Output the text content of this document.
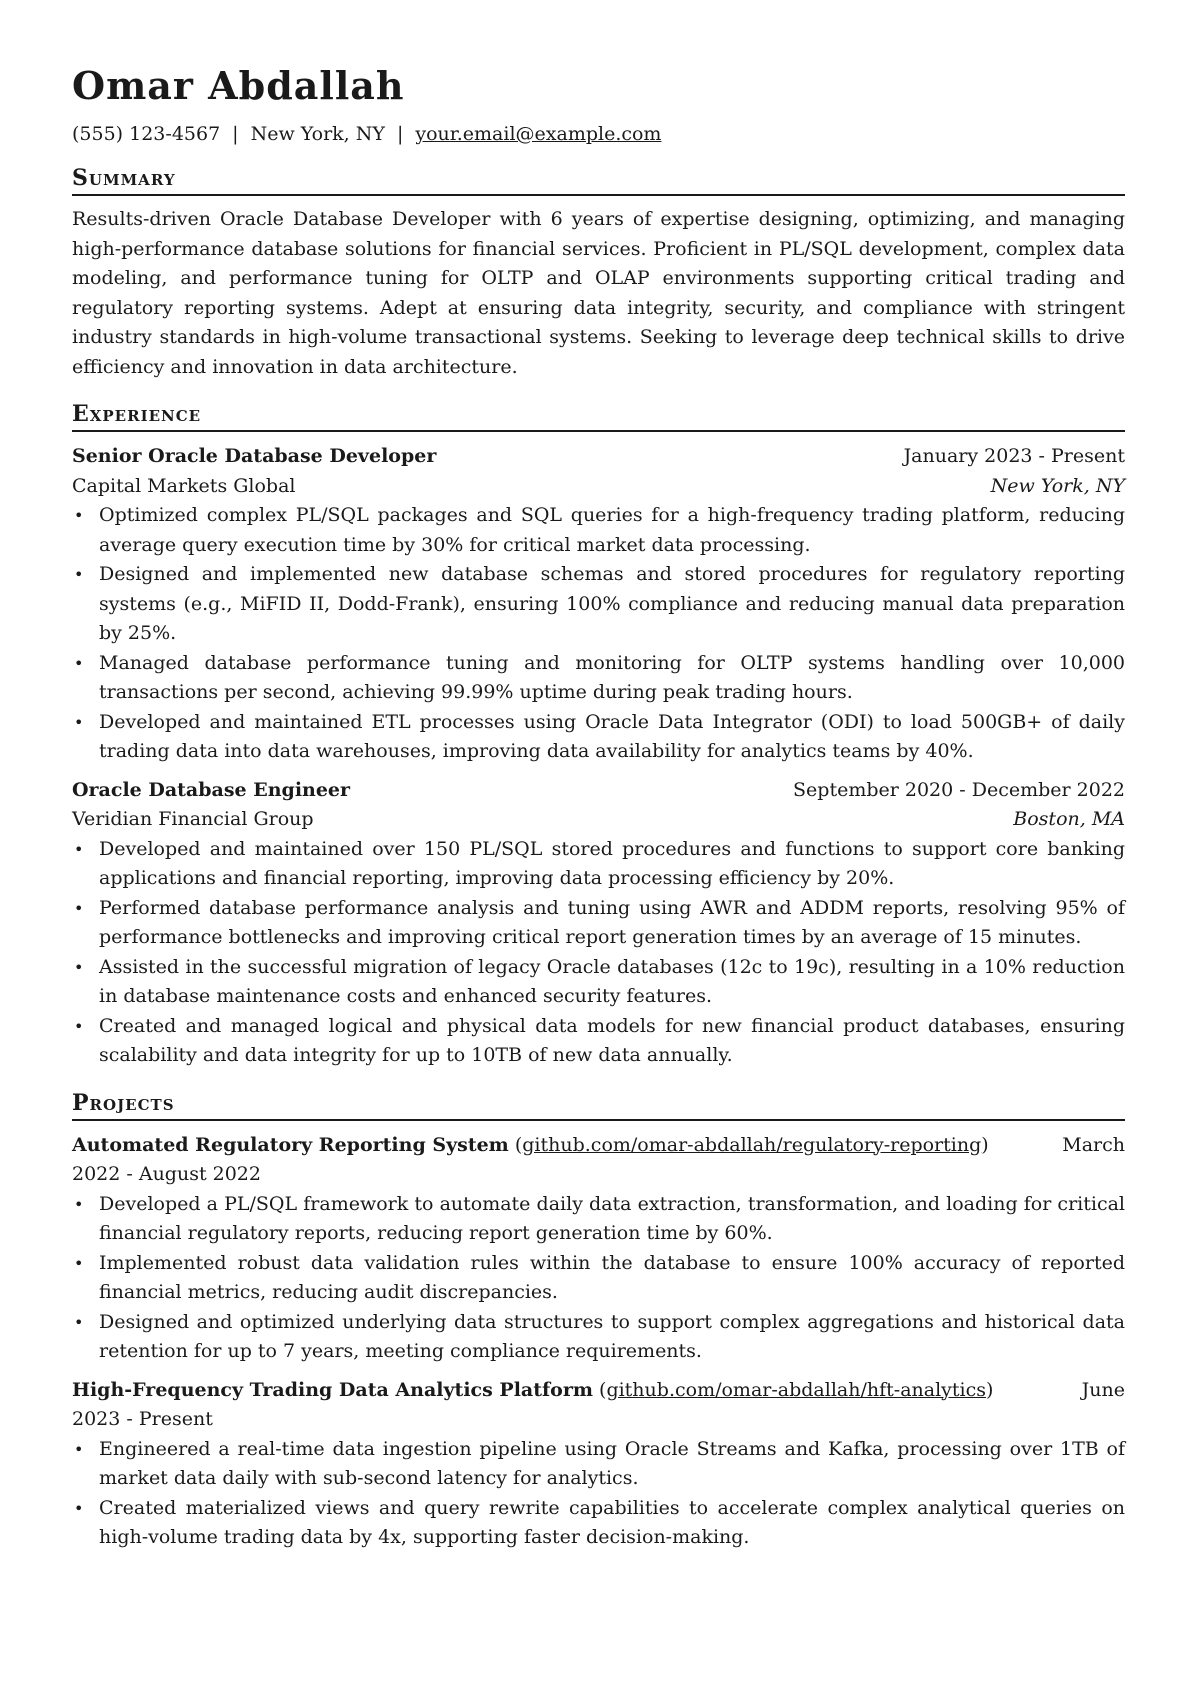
Omar Abdallah
(555) 123-4567 | New York, NY | your.email@example.com
Summary
Results-driven Oracle Database Developer with 6 years of expertise designing, optimizing, and managing high-performance database solutions for financial services. Proficient in PL/SQL development, complex data modeling, and performance tuning for OLTP and OLAP environments supporting critical trading and regulatory reporting systems. Adept at ensuring data integrity, security, and compliance with stringent industry standards in high-volume transactional systems. Seeking to leverage deep technical skills to drive efficiency and innovation in data architecture.
Experience
Senior Oracle Database Developer	January 2023 - Present
Capital Markets Global	New York, NY
• Optimized complex PL/SQL packages and SQL queries for a high-frequency trading platform, reducing average query execution time by 30% for critical market data processing.
• Designed and implemented new database schemas and stored procedures for regulatory reporting systems (e.g., MiFID II, Dodd-Frank), ensuring 100% compliance and reducing manual data preparation by 25%.
• Managed database performance tuning and monitoring for OLTP systems handling over 10,000 transactions per second, achieving 99.99% uptime during peak trading hours.
• Developed and maintained ETL processes using Oracle Data Integrator (ODI) to load 500GB+ of daily trading data into data warehouses, improving data availability for analytics teams by 40%.
Oracle Database Engineer	September 2020 - December 2022
Veridian Financial Group	Boston, MA
• Developed and maintained over 150 PL/SQL stored procedures and functions to support core banking applications and financial reporting, improving data processing efficiency by 20%.
• Performed database performance analysis and tuning using AWR and ADDM reports, resolving 95% of performance bottlenecks and improving critical report generation times by an average of 15 minutes.
• Assisted in the successful migration of legacy Oracle databases (12c to 19c), resulting in a 10% reduction in database maintenance costs and enhanced security features.
• Created and managed logical and physical data models for new financial product databases, ensuring scalability and data integrity for up to 10TB of new data annually.
Projects
March
Automated Regulatory Reporting System (github.com/omar-abdallah/regulatory-reporting)
2022 - August 2022
• Developed a PL/SQL framework to automate daily data extraction, transformation, and loading for critical financial regulatory reports, reducing report generation time by 60%.
• Implemented robust data validation rules within the database to ensure 100% accuracy of reported financial metrics, reducing audit discrepancies.
• Designed and optimized underlying data structures to support complex aggregations and historical data retention for up to 7 years, meeting compliance requirements.
June
High-Frequency Trading Data Analytics Platform (github.com/omar-abdallah/hft-analytics)
2023 - Present
• Engineered a real-time data ingestion pipeline using Oracle Streams and Kafka, processing over 1TB of market data daily with sub-second latency for analytics.
• Created materialized views and query rewrite capabilities to accelerate complex analytical queries on high-volume trading data by 4x, supporting faster decision-making.
